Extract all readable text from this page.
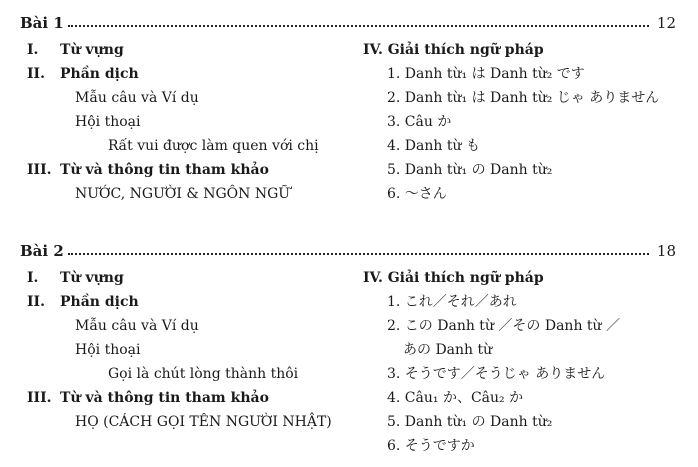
Bài 1	12
I. Từ vựng
II. Phần dịch
Mẫu câu và Ví dụ
Hội thoại
Rất vui được làm quen với chị
III. Từ và thông tin tham khảo
NƯỚC, NGƯỜI & NGÔN NGỮ
IV. Giải thích ngữ pháp
1. Danh từ₁ は Danh từ₂ です
2. Danh từ₁ は Danh từ₂ じゃ ありません
3. Câu か
4. Danh từ も
5. Danh từ₁ の Danh từ₂
6. ～さん
Bài 2	18
I. Từ vựng
II. Phần dịch
Mẫu câu và Ví dụ
Hội thoại
Gọi là chút lòng thành thôi
III. Từ và thông tin tham khảo
HỌ (CÁCH GỌI TÊN NGƯỜI NHẬT)
IV. Giải thích ngữ pháp
1. これ／それ／あれ
2. この Danh từ ／その Danh từ ／
あの Danh từ
3. そうです／そうじゃ ありません
4. Câu₁ か、Câu₂ か
5. Danh từ₁ の Danh từ₂
6. そうですか
